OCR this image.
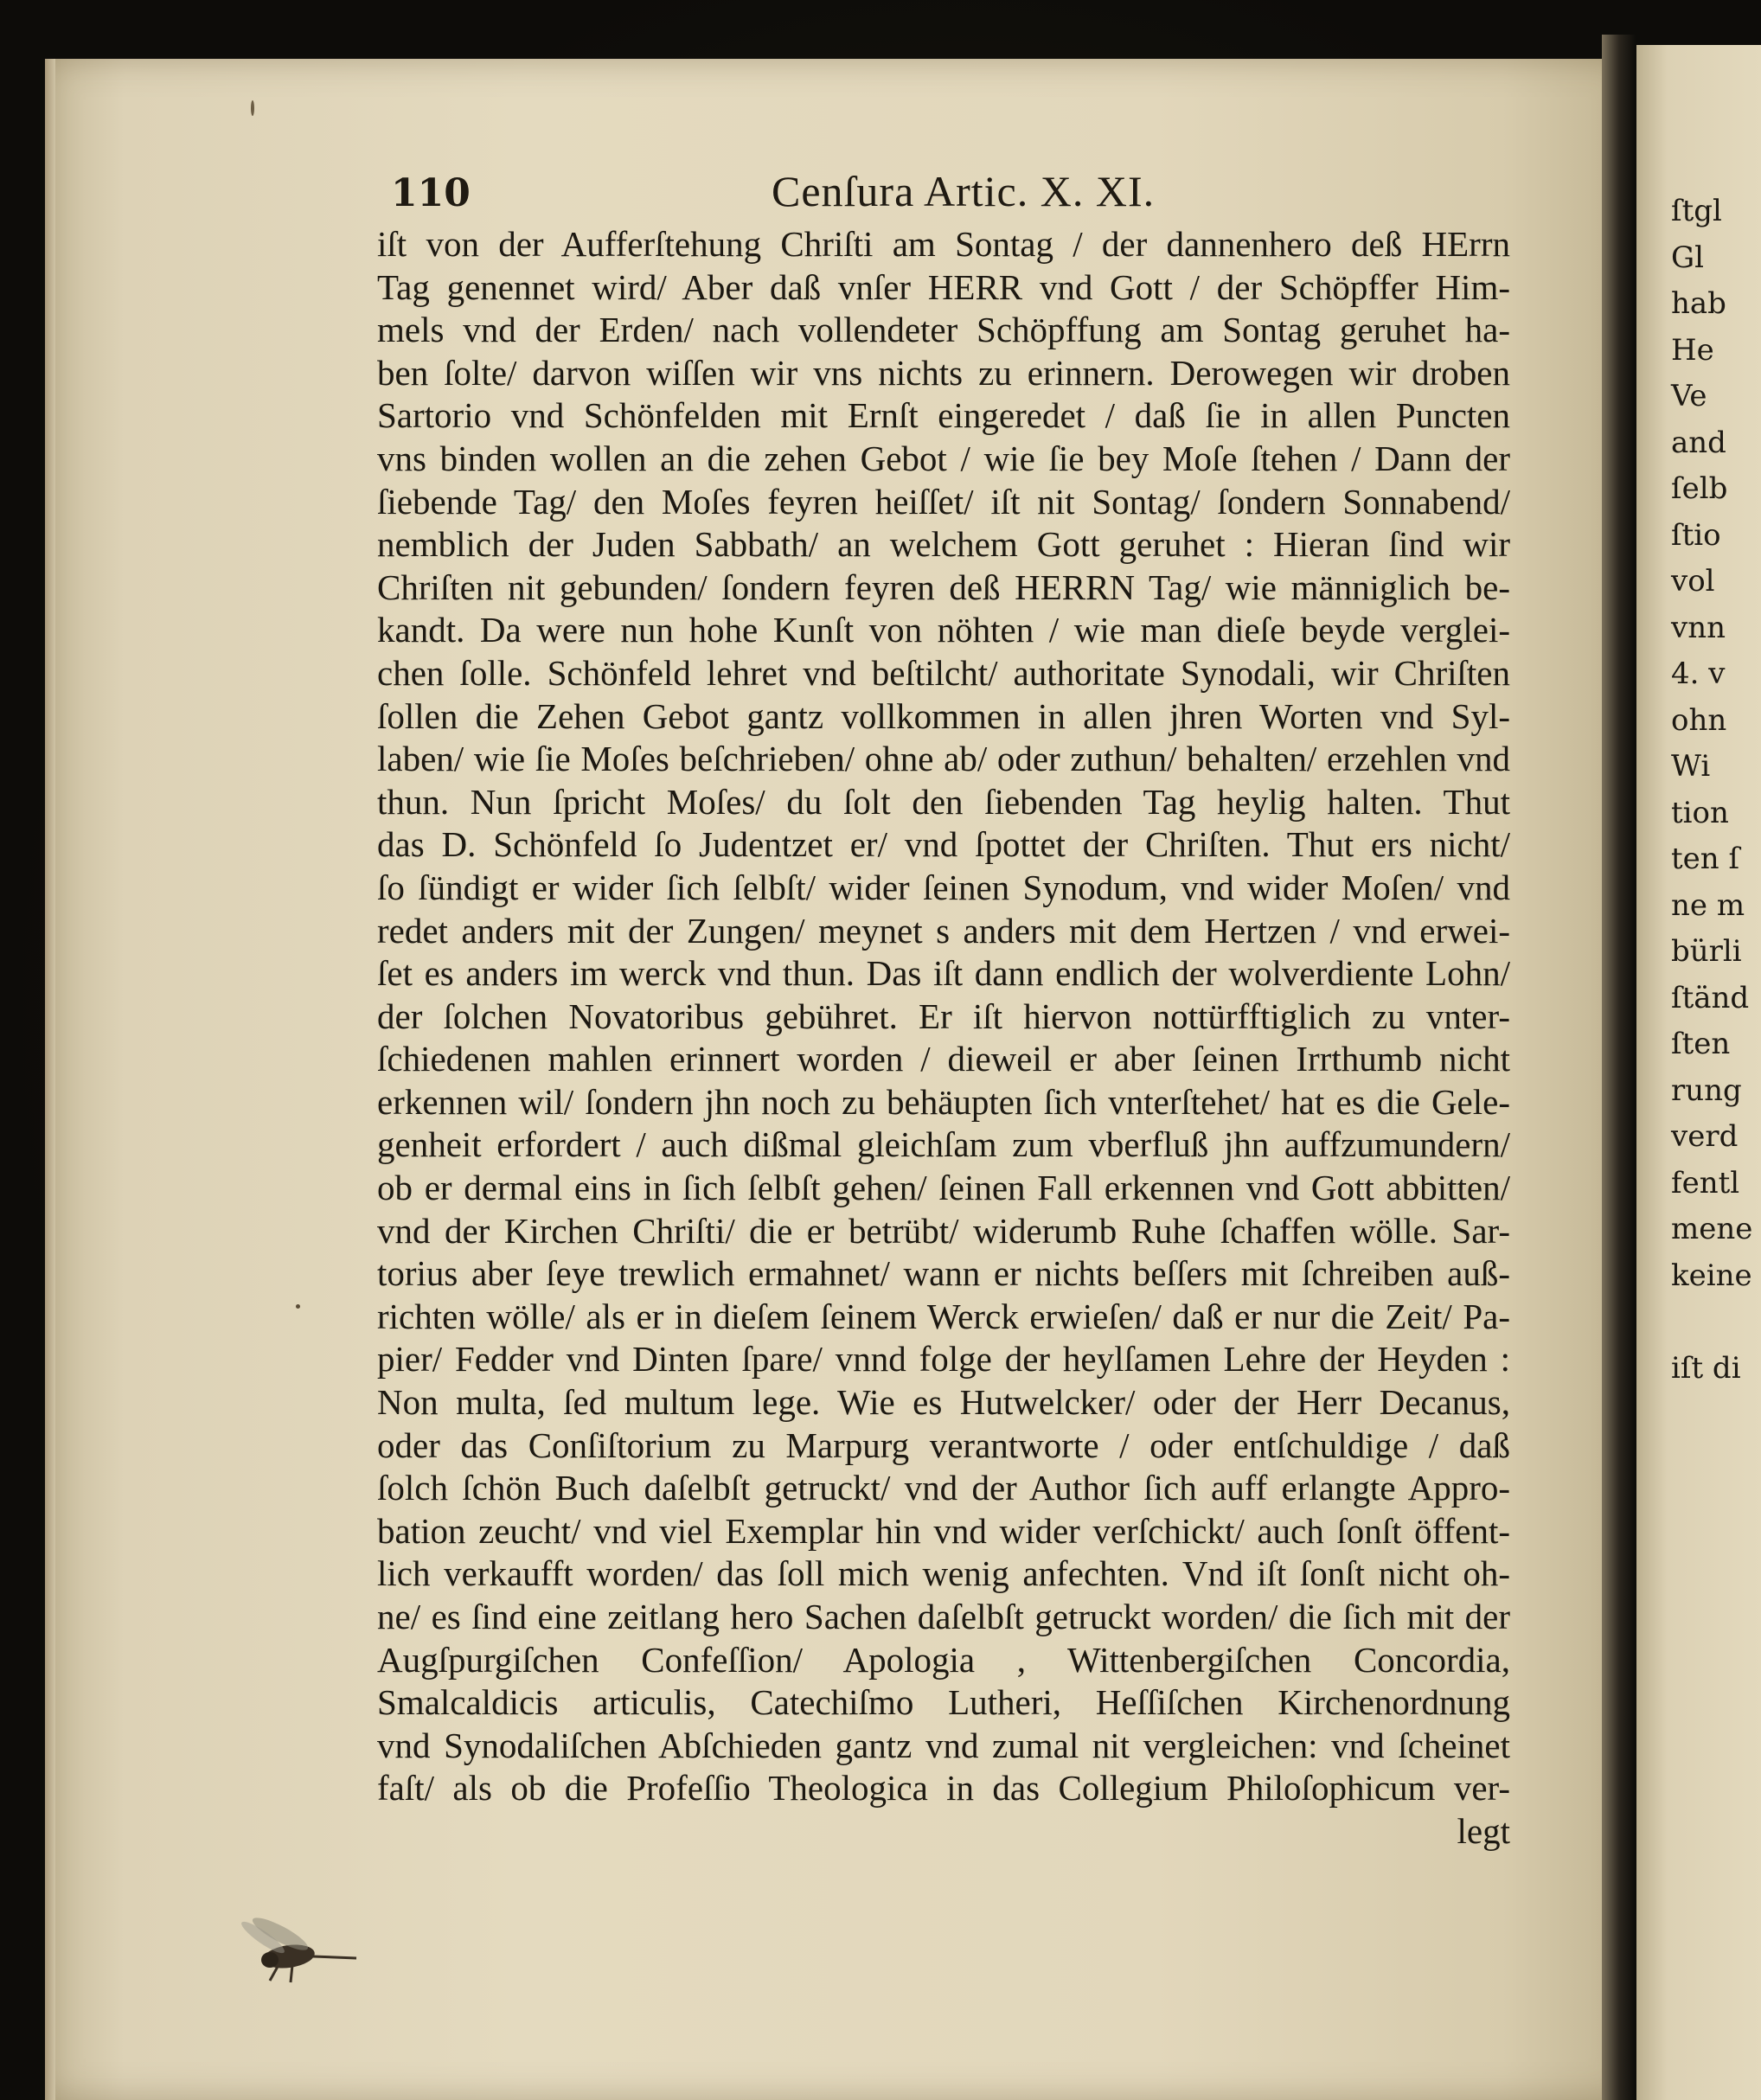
ſtgl
Gl
hab
He
Ve
and
ſelb
ſtio
vol
vnn
4. v
ohn
Wi
tion
ten ſ
ne m
bürli
ſtänd
ſten
rung
verd
fentl
mene
keine
iſt di
110	Cenſura Artic. X. XI.
iſt von der Aufferſtehung Chriſti am Sontag / der dannenhero deß HErrn
Tag genennet wird/ Aber daß vnſer HERR vnd Gott / der Schöpffer Him-
mels vnd der Erden/ nach vollendeter Schöpffung am Sontag geruhet ha-
ben ſolte/ darvon wiſſen wir vns nichts zu erinnern. Derowegen wir droben
Sartorio vnd Schönfelden mit Ernſt eingeredet / daß ſie in allen Puncten
vns binden wollen an die zehen Gebot / wie ſie bey Moſe ſtehen / Dann der
ſiebende Tag/ den Moſes feyren heiſſet/ iſt nit Sontag/ ſondern Sonnabend/
nemblich der Juden Sabbath/ an welchem Gott geruhet : Hieran ſind wir
Chriſten nit gebunden/ ſondern feyren deß HERRN Tag/ wie männiglich be-
kandt. Da were nun hohe Kunſt von nöhten / wie man dieſe beyde verglei-
chen ſolle. Schönfeld lehret vnd beſtilcht/ authoritate Synodali, wir Chriſten
ſollen die Zehen Gebot gantz vollkommen in allen jhren Worten vnd Syl-
laben/ wie ſie Moſes beſchrieben/ ohne ab/ oder zuthun/ behalten/ erzehlen vnd
thun. Nun ſpricht Moſes/ du ſolt den ſiebenden Tag heylig halten. Thut
das D. Schönfeld ſo Judentzet er/ vnd ſpottet der Chriſten. Thut ers nicht/
ſo ſündigt er wider ſich ſelbſt/ wider ſeinen Synodum, vnd wider Moſen/ vnd
redet anders mit der Zungen/ meynet s anders mit dem Hertzen / vnd erwei-
ſet es anders im werck vnd thun. Das iſt dann endlich der wolverdiente Lohn/
der ſolchen Novatoribus gebühret. Er iſt hiervon nottürfftiglich zu vnter-
ſchiedenen mahlen erinnert worden / dieweil er aber ſeinen Irrthumb nicht
erkennen wil/ ſondern jhn noch zu behäupten ſich vnterſtehet/ hat es die Gele-
genheit erfordert / auch dißmal gleichſam zum vberfluß jhn auffzumundern/
ob er dermal eins in ſich ſelbſt gehen/ ſeinen Fall erkennen vnd Gott abbitten/
vnd der Kirchen Chriſti/ die er betrübt/ widerumb Ruhe ſchaffen wölle. Sar-
torius aber ſeye trewlich ermahnet/ wann er nichts beſſers mit ſchreiben auß-
richten wölle/ als er in dieſem ſeinem Werck erwieſen/ daß er nur die Zeit/ Pa-
pier/ Fedder vnd Dinten ſpare/ vnnd folge der heylſamen Lehre der Heyden :
Non multa, ſed multum lege. Wie es Hutwelcker/ oder der Herr Decanus,
oder das Conſiſtorium zu Marpurg verantworte / oder entſchuldige / daß
ſolch ſchön Buch daſelbſt getruckt/ vnd der Author ſich auff erlangte Appro-
bation zeucht/ vnd viel Exemplar hin vnd wider verſchickt/ auch ſonſt öffent-
lich verkaufft worden/ das ſoll mich wenig anfechten. Vnd iſt ſonſt nicht oh-
ne/ es ſind eine zeitlang hero Sachen daſelbſt getruckt worden/ die ſich mit der
Augſpurgiſchen Confeſſion/ Apologia , Wittenbergiſchen Concordia,
Smalcaldicis articulis, Catechiſmo Lutheri, Heſſiſchen Kirchenordnung
vnd Synodaliſchen Abſchieden gantz vnd zumal nit vergleichen: vnd ſcheinet
faſt/ als ob die Profeſſio Theologica in das Collegium Philoſophicum ver-
legt
